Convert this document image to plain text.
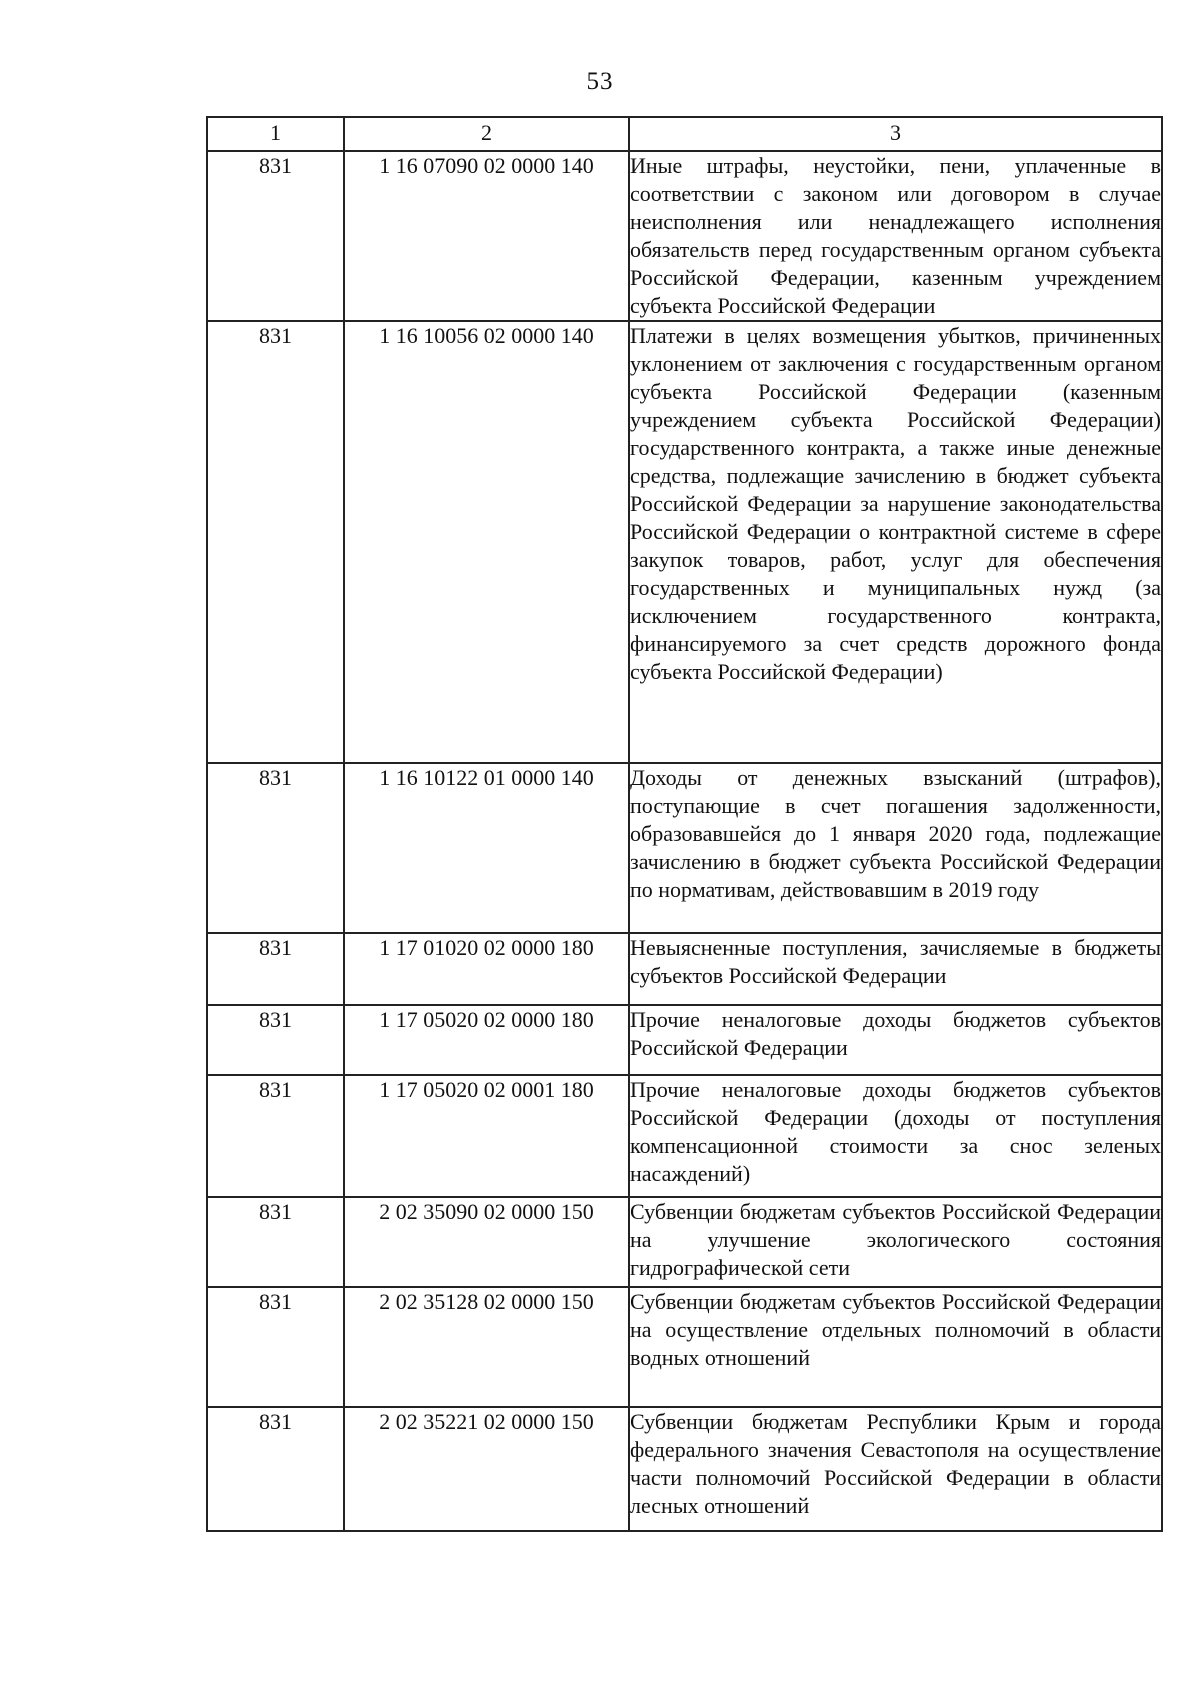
53
1	2	3
831	1 16 07090 02 0000 140	Иные штрафы, неустойки, пени, уплаченные в соответствии с законом или договором в случае неисполнения или ненадлежащего исполнения обязательств перед государственным органом субъекта Российской Федерации, казенным учреждением субъекта Российской Федерации
831	1 16 10056 02 0000 140	Платежи в целях возмещения убытков, причиненных уклонением от заключения с государственным органом субъекта Российской Федерации (казенным учреждением субъекта Российской Федерации) государственного контракта, а также иные денежные средства, подлежащие зачислению в бюджет субъекта Российской Федерации за нарушение законодательства Российской Федерации о контрактной системе в сфере закупок товаров, работ, услуг для обеспечения государственных и муниципальных нужд (за исключением государственного контракта, финансируемого за счет средств дорожного фонда субъекта Российской Федерации)
831	1 16 10122 01 0000 140	Доходы от денежных взысканий (штрафов), поступающие в счет погашения задолженности, образовавшейся до 1 января 2020 года, подлежащие зачислению в бюджет субъекта Российской Федерации по нормативам, действовавшим в 2019 году
831	1 17 01020 02 0000 180	Невыясненные поступления, зачисляемые в бюджеты субъектов Российской Федерации
831	1 17 05020 02 0000 180	Прочие неналоговые доходы бюджетов субъектов Российской Федерации
831	1 17 05020 02 0001 180	Прочие неналоговые доходы бюджетов субъектов Российской Федерации (доходы от поступления компенсационной стоимости за снос зеленых насаждений)
831	2 02 35090 02 0000 150	Субвенции бюджетам субъектов Российской Федерации на улучшение экологического состояния гидрографической сети
831	2 02 35128 02 0000 150	Субвенции бюджетам субъектов Российской Федерации на осуществление отдельных полномочий в области водных отношений
831	2 02 35221 02 0000 150	Субвенции бюджетам Республики Крым и города федерального значения Севастополя на осуществление части полномочий Российской Федерации в области лесных отношений
